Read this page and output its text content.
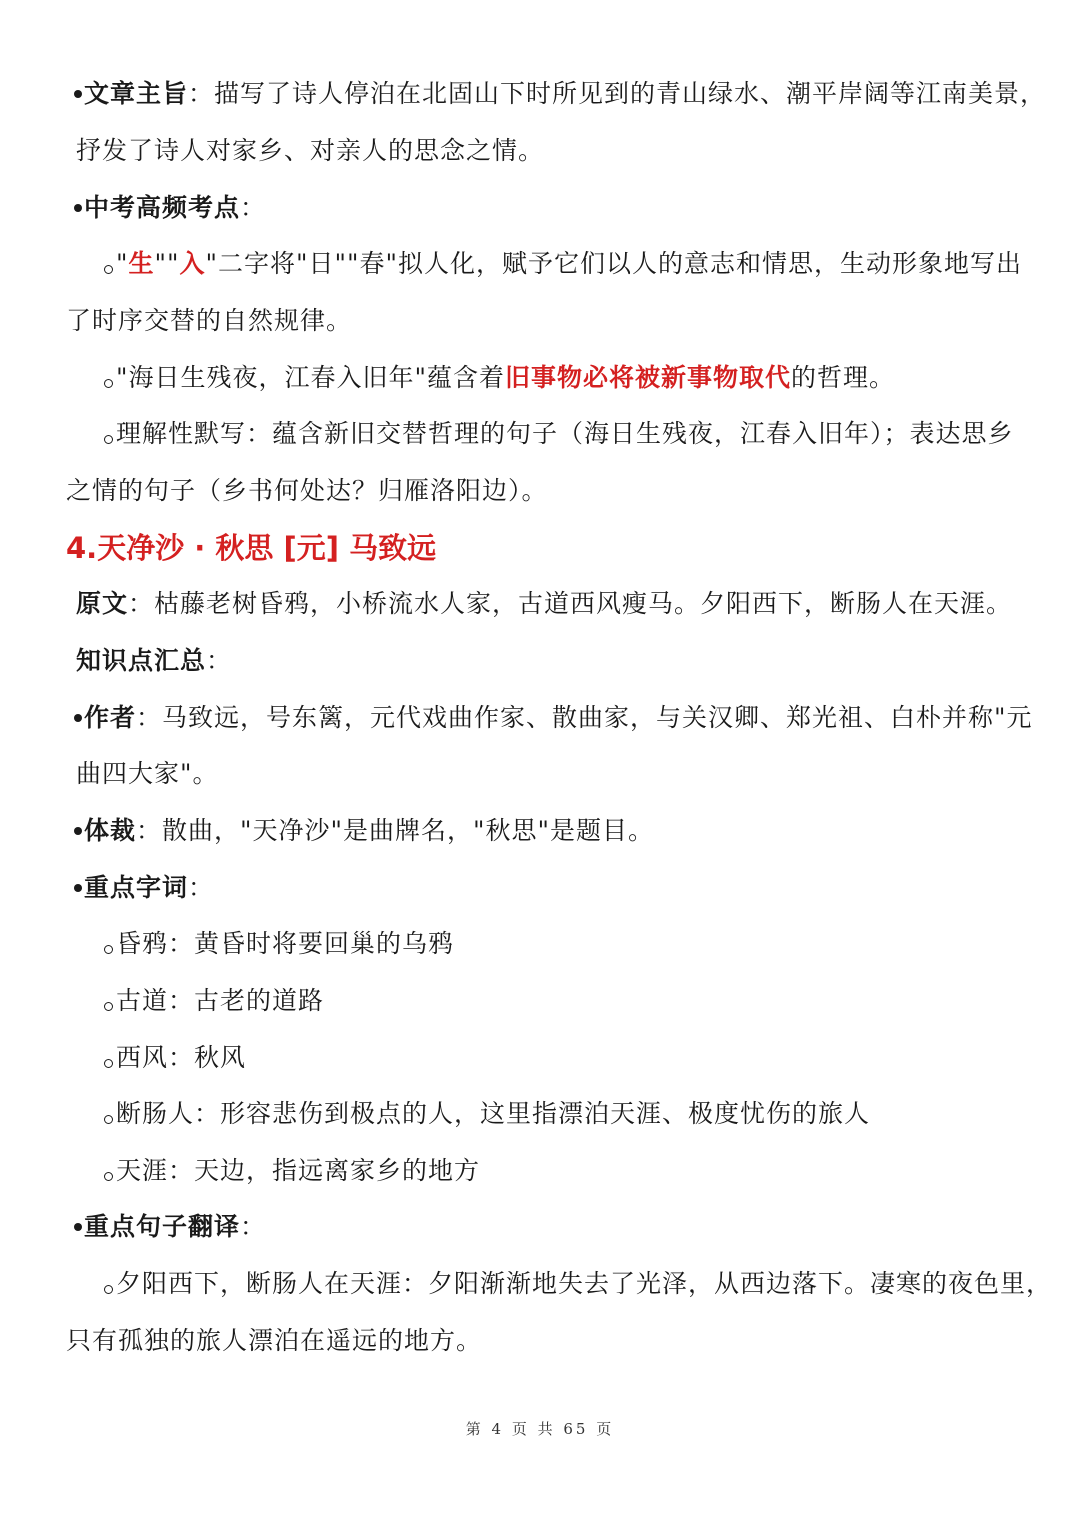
文章主旨：描写了诗人停泊在北固山下时所见到的青山绿水、潮平岸阔等江南美景，
抒发了诗人对家乡、对亲人的思念之情。
中考高频考点：
"生""入"二字将"日""春"拟人化，赋予它们以人的意志和情思，生动形象地写出
了时序交替的自然规律。
"海日生残夜，江春入旧年"蕴含着旧事物必将被新事物取代的哲理。
理解性默写：蕴含新旧交替哲理的句子（海日生残夜，江春入旧年）；表达思乡
之情的句子（乡书何处达？归雁洛阳边）。
4.天净沙 · 秋思 [元] 马致远
原文：枯藤老树昏鸦，小桥流水人家，古道西风瘦马。夕阳西下，断肠人在天涯。
知识点汇总：
作者：马致远，号东篱，元代戏曲作家、散曲家，与关汉卿、郑光祖、白朴并称"元
曲四大家"。
体裁：散曲，"天净沙"是曲牌名，"秋思"是题目。
重点字词：
昏鸦：黄昏时将要回巢的乌鸦
古道：古老的道路
西风：秋风
断肠人：形容悲伤到极点的人，这里指漂泊天涯、极度忧伤的旅人
天涯：天边，指远离家乡的地方
重点句子翻译：
夕阳西下，断肠人在天涯：夕阳渐渐地失去了光泽，从西边落下。凄寒的夜色里，
只有孤独的旅人漂泊在遥远的地方。
第 4 页 共 65 页
